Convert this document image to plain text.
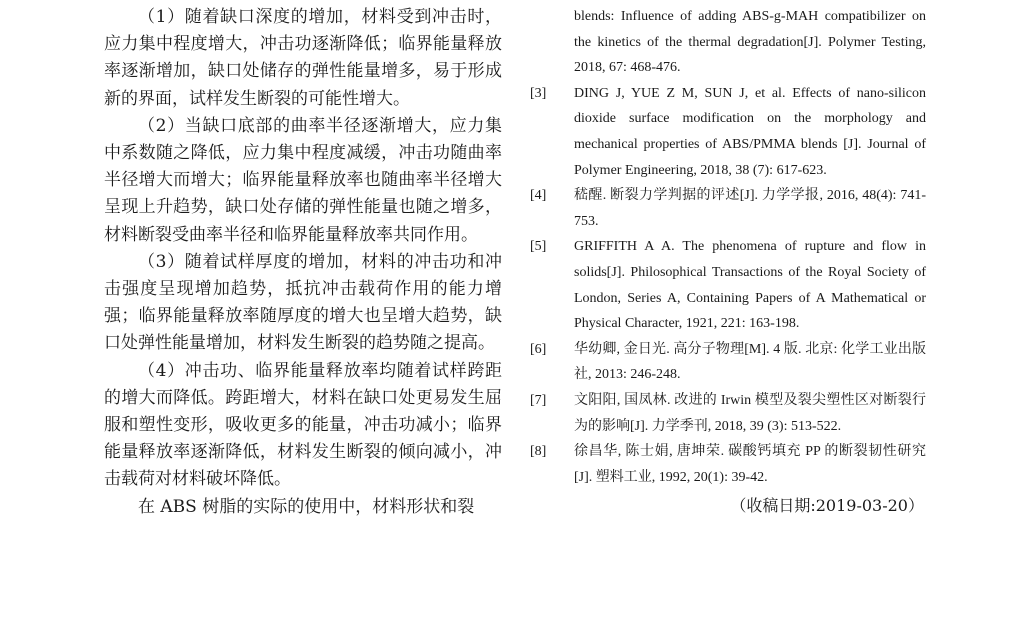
（1）随着缺口深度的增加，材料受到冲击时，应力集中程度增大，冲击功逐渐降低；临界能量释放率逐渐增加，缺口处储存的弹性能量增多，易于形成新的界面，试样发生断裂的可能性增大。

（2）当缺口底部的曲率半径逐渐增大，应力集中系数随之降低，应力集中程度减缓，冲击功随曲率半径增大而增大；临界能量释放率也随曲率半径增大呈现上升趋势，缺口处存储的弹性能量也随之增多，材料断裂受曲率半径和临界能量释放率共同作用。

（3）随着试样厚度的增加，材料的冲击功和冲击强度呈现增加趋势，抵抗冲击载荷作用的能力增强；临界能量释放率随厚度的增大也呈增大趋势，缺口处弹性能量增加，材料发生断裂的趋势随之提高。

（4）冲击功、临界能量释放率均随着试样跨距的增大而降低。跨距增大，材料在缺口处更易发生屈服和塑性变形，吸收更多的能量，冲击功减小；临界能量释放率逐渐降低，材料发生断裂的倾向减小，冲击载荷对材料破坏降低。

在 ABS 树脂的实际的使用中，材料形状和裂

blends: Influence of adding ABS-g-MAH compatibilizer on the kinetics of the thermal degradation[J]. Polymer Testing, 2018, 67: 468-476.
[3]	DING J, YUE Z M, SUN J, et al. Effects of nano-silicon dioxide surface modification on the morphology and mechanical properties of ABS/PMMA blends [J]. Journal of Polymer Engineering, 2018, 38 (7): 617-623.
[4]	嵇醒. 断裂力学判据的评述[J]. 力学学报, 2016, 48(4): 741-753.
[5]	GRIFFITH A A. The phenomena of rupture and flow in solids[J]. Philosophical Transactions of the Royal Society of London, Series A, Containing Papers of A Mathematical or Physical Character, 1921, 221: 163-198.
[6]	华幼卿, 金日光. 高分子物理[M]. 4 版. 北京: 化学工业出版社, 2013: 246-248.
[7]	文阳阳, 国凤林. 改进的 Irwin 模型及裂尖塑性区对断裂行为的影响[J]. 力学季刊, 2018, 39 (3): 513-522.
[8]	徐昌华, 陈士娟, 唐坤荣. 碳酸钙填充 PP 的断裂韧性研究[J]. 塑料工业, 1992, 20(1): 39-42.
（收稿日期:2019-03-20）
